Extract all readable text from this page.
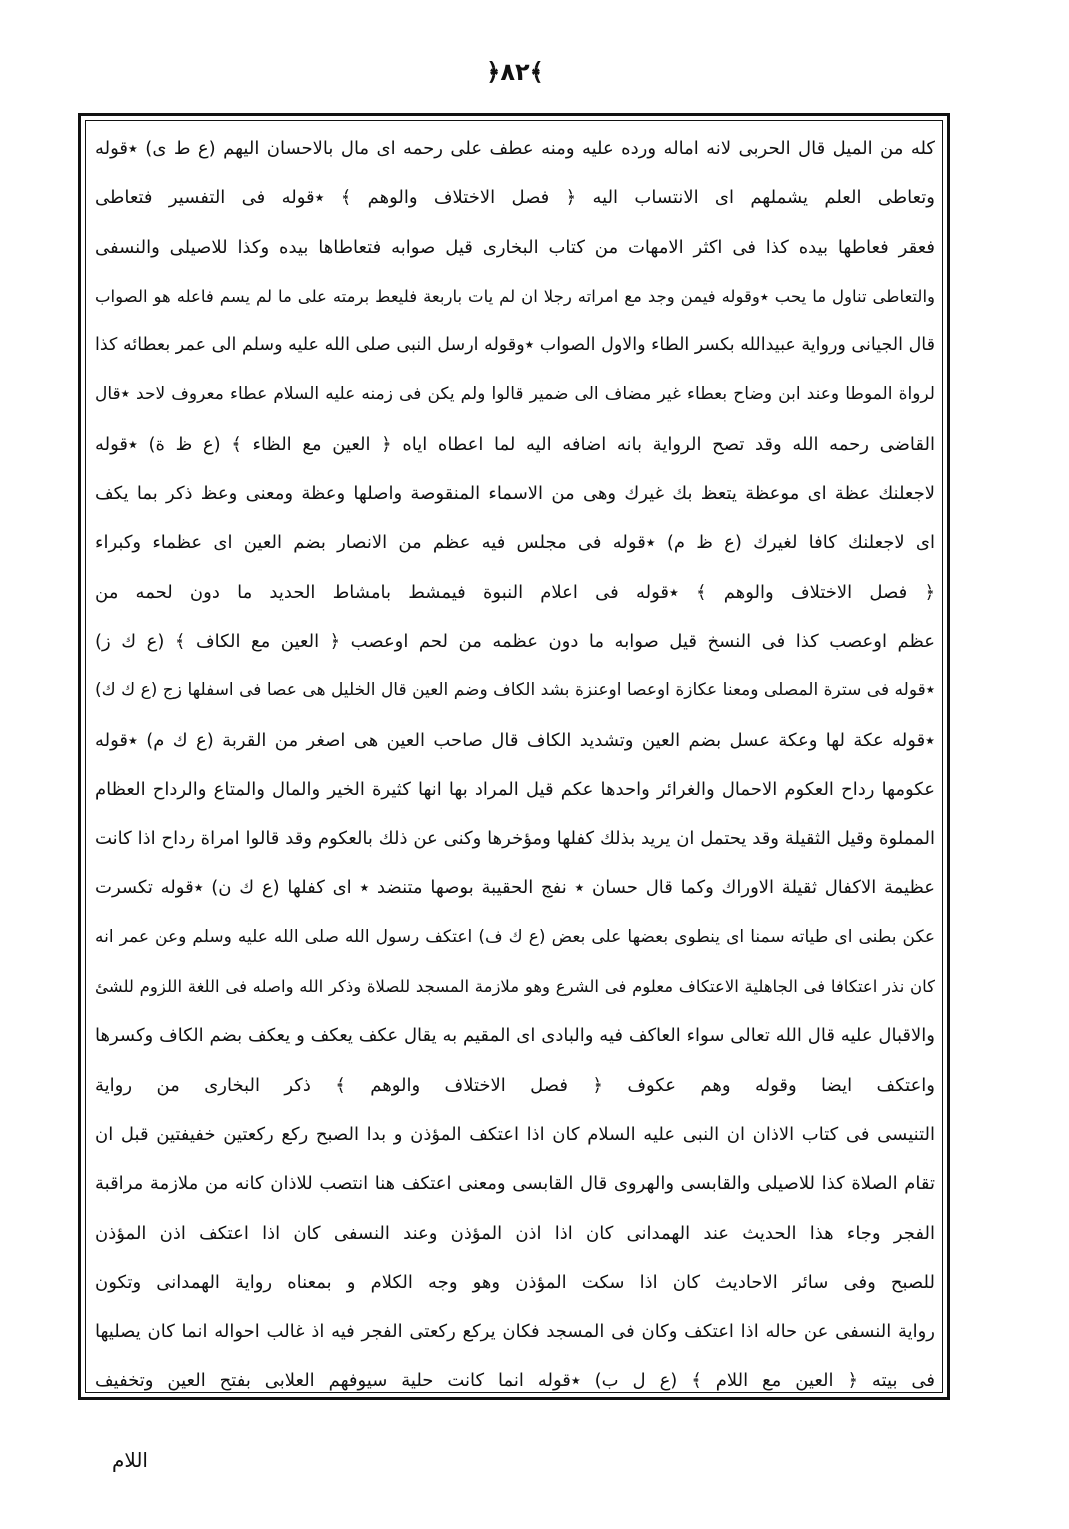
﴿٨٢﴾
كله من الميل قال الحربى لانه اماله ورده عليه ومنه عطف على رحمه اى مال بالاحسان اليهم (ع ط ى) ٭قوله
وتعاطى العلم يشملهم اى الانتساب اليه ﴿ فصل الاختلاف والوهم ﴾ ٭قوله فى التفسير فتعاطى
فعقر فعاطها بيده كذا فى اكثر الامهات من كتاب البخارى قيل صوابه فتعاطاها بيده وكذا للاصيلى والنسفى
والتعاطى تناول ما يحب ٭وقوله فيمن وجد مع امراته رجلا ان لم يات باربعة فليعط برمته على ما لم يسم فاعله هو الصواب
قال الجيانى ورواية عبيدالله بكسر الطاء والاول الصواب ٭وقوله ارسل النبى صلى الله عليه وسلم الى عمر بعطائه كذا
لرواة الموطا وعند ابن وضاح بعطاء غير مضاف الى ضمير قالوا ولم يكن فى زمنه عليه السلام عطاء معروف لاحد ٭قال
القاضى رحمه الله وقد تصح الرواية بانه اضافه اليه لما اعطاه اياه ﴿ العين مع الظاء ﴾ (ع ظ ة) ٭قوله
لاجعلنك عظة اى موعظة يتعظ بك غيرك وهى من الاسماء المنقوصة واصلها وعظة ومعنى وعظ ذكر بما يكف
اى لاجعلنك كافا لغيرك (ع ظ م) ٭قوله فى مجلس فيه عظم من الانصار بضم العين اى عظماء وكبراء
﴿ فصل الاختلاف والوهم ﴾ ٭قوله فى اعلام النبوة فيمشط بامشاط الحديد ما دون لحمه من
عظم اوعصب كذا فى النسخ قيل صوابه ما دون عظمه من لحم اوعصب ﴿ العين مع الكاف ﴾ (ع ك ز)
٭قوله فى سترة المصلى ومعنا عكازة اوعصا اوعنزة بشد الكاف وضم العين قال الخليل هى عصا فى اسفلها زج (ع ك ك)
٭قوله عكة لها وعكة عسل بضم العين وتشديد الكاف قال صاحب العين هى اصغر من القربة (ع ك م) ٭قوله
عكومها رداح العكوم الاحمال والغرائر واحدها عكم قيل المراد بها انها كثيرة الخير والمال والمتاع والرداح العظام
المملوة وقيل الثقيلة وقد يحتمل ان يريد بذلك كفلها ومؤخرها وكنى عن ذلك بالعكوم وقد قالوا امراة رداح اذا كانت
عظيمة الاكفال ثقيلة الاوراك وكما قال حسان ٭ نفج الحقيبة بوصها متنضد ٭ اى كفلها (ع ك ن) ٭قوله تكسرت
عكن بطنى اى طياته سمنا اى ينطوى بعضها على بعض (ع ك ف) اعتكف رسول الله صلى الله عليه وسلم وعن عمر انه
كان نذر اعتكافا فى الجاهلية الاعتكاف معلوم فى الشرع وهو ملازمة المسجد للصلاة وذكر الله واصله فى اللغة اللزوم للشئ
والاقبال عليه قال الله تعالى سواء العاكف فيه والبادى اى المقيم به يقال عكف يعكف و يعكف بضم الكاف وكسرها
واعتكف ايضا وقوله وهم عكوف ﴿ فصل الاختلاف والوهم ﴾ ذكر البخارى من رواية
التنيسى فى كتاب الاذان ان النبى عليه السلام كان اذا اعتكف المؤذن و بدا الصبح ركع ركعتين خفيفتين قبل ان
تقام الصلاة كذا للاصيلى والقابسى والهروى قال القابسى ومعنى اعتكف هنا انتصب للاذان كانه من ملازمة مراقبة
الفجر وجاء هذا الحديث عند الهمدانى كان اذا اذن المؤذن وعند النسفى كان اذا اعتكف اذن المؤذن
للصبح وفى سائر الاحاديث كان اذا سكت المؤذن وهو وجه الكلام و بمعناه رواية الهمدانى وتكون
رواية النسفى عن حاله اذا اعتكف وكان فى المسجد فكان يركع ركعتى الفجر فيه اذ غالب احواله انما كان يصليها
فى بيته ﴿ العين مع اللام ﴾ (ع ل ب) ٭قوله انما كانت حلية سيوفهم العلابى بفتح العين وتخفيف
اللام
